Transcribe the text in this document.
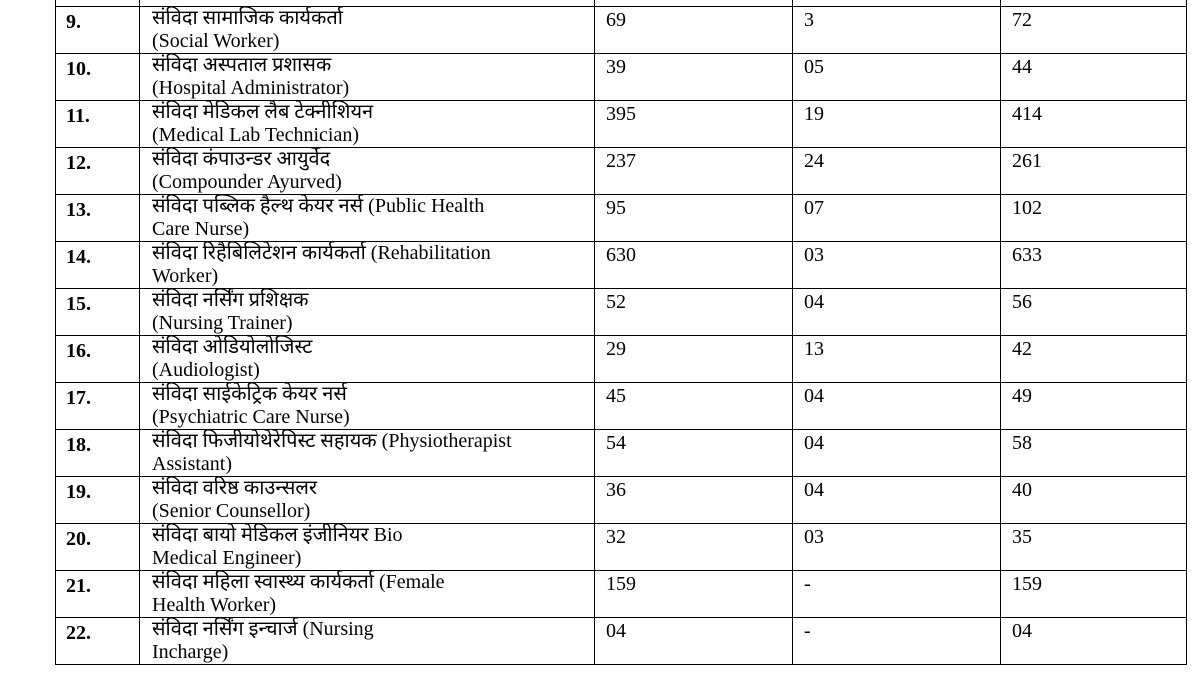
9.	संविदा सामाजिक कार्यकर्ता
(Social Worker)	69	3	72
10.	संविदा अस्पताल प्रशासक
(Hospital Administrator)	39	05	44
11.	संविदा मेडिकल लैब टेक्नीशियन
(Medical Lab Technician)	395	19	414
12.	संविदा कंपाउन्डर आयुर्वेद
(Compounder Ayurved)	237	24	261
13.	संविदा पब्लिक हैल्थ केयर नर्स (Public Health
Care Nurse)	95	07	102
14.	संविदा रिहैबिलिटेशन कार्यकर्ता (Rehabilitation
Worker)	630	03	633
15.	संविदा नर्सिंग प्रशिक्षक
(Nursing Trainer)	52	04	56
16.	संविदा ओडियोलोजिस्ट
(Audiologist)	29	13	42
17.	संविदा साईकेट्रिक केयर नर्स
(Psychiatric Care Nurse)	45	04	49
18.	संविदा फिजीयोथेरेपिस्ट सहायक (Physiotherapist
Assistant)	54	04	58
19.	संविदा वरिष्ठ काउन्सलर
(Senior Counsellor)	36	04	40
20.	संविदा बायो मेडिकल इंजीनियर Bio
Medical Engineer)	32	03	35
21.	संविदा महिला स्वास्थ्य कार्यकर्ता (Female
Health Worker)	159	-	159
22.	संविदा नर्सिंग इन्चार्ज (Nursing
Incharge)	04	-	04
